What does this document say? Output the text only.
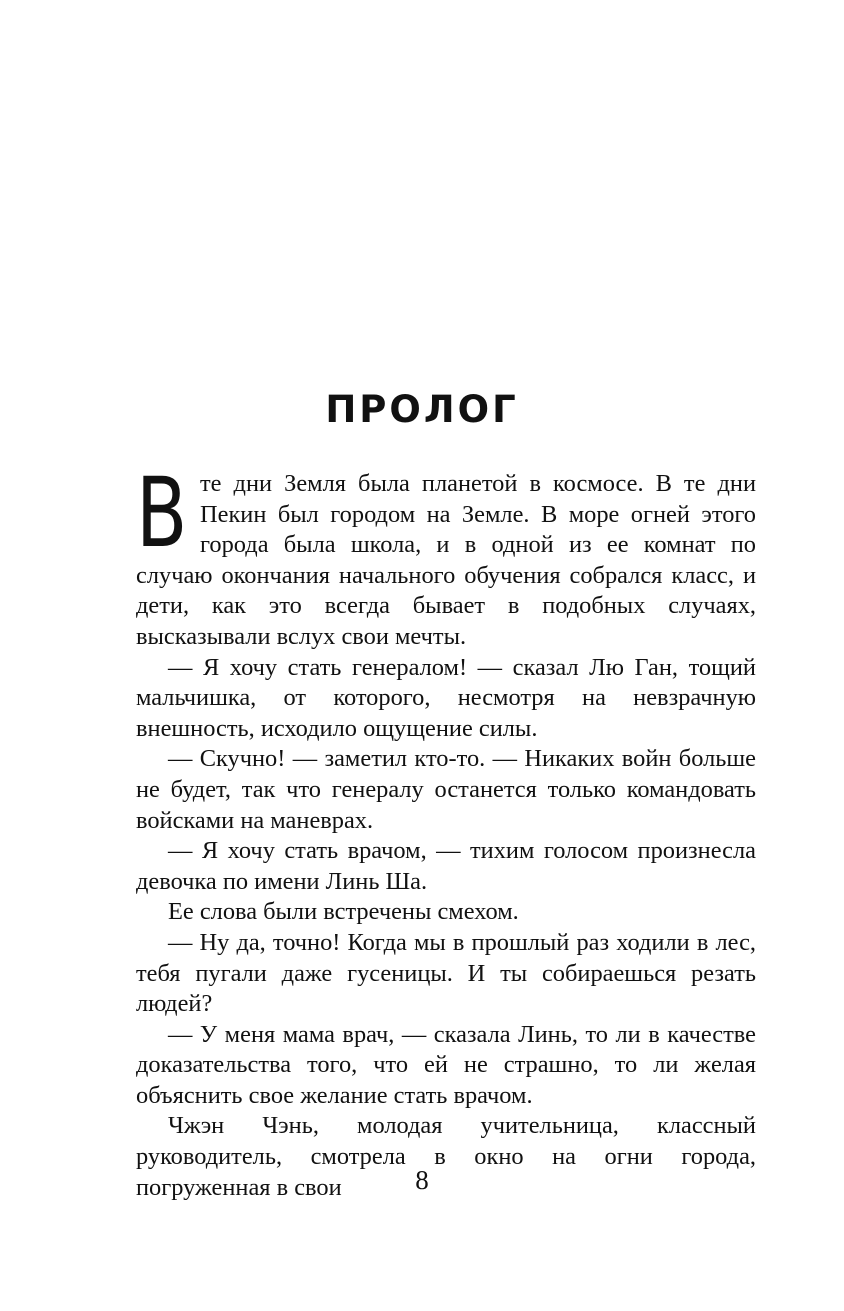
ПРОЛОГ

В те дни Земля была планетой в космосе. В те дни Пекин был городом на Земле. В море огней этого города была школа, и в одной из ее комнат по случаю окончания начального обучения собрался класс, и дети, как это всегда бывает в подобных случаях, высказывали вслух свои мечты.

— Я хочу стать генералом! — сказал Лю Ган, тощий мальчишка, от которого, несмотря на невзрачную внешность, исходило ощущение силы.

— Скучно! — заметил кто-то. — Никаких войн больше не будет, так что генералу останется только командовать войсками на маневрах.

— Я хочу стать врачом, — тихим голосом произнесла девочка по имени Линь Ша.

Ее слова были встречены смехом.

— Ну да, точно! Когда мы в прошлый раз ходили в лес, тебя пугали даже гусеницы. И ты собираешься резать людей?

— У меня мама врач, — сказала Линь, то ли в качестве доказательства того, что ей не страшно, то ли желая объяснить свое желание стать врачом.

Чжэн Чэнь, молодая учительница, классный руководитель, смотрела в окно на огни города, погруженная в свои	8
